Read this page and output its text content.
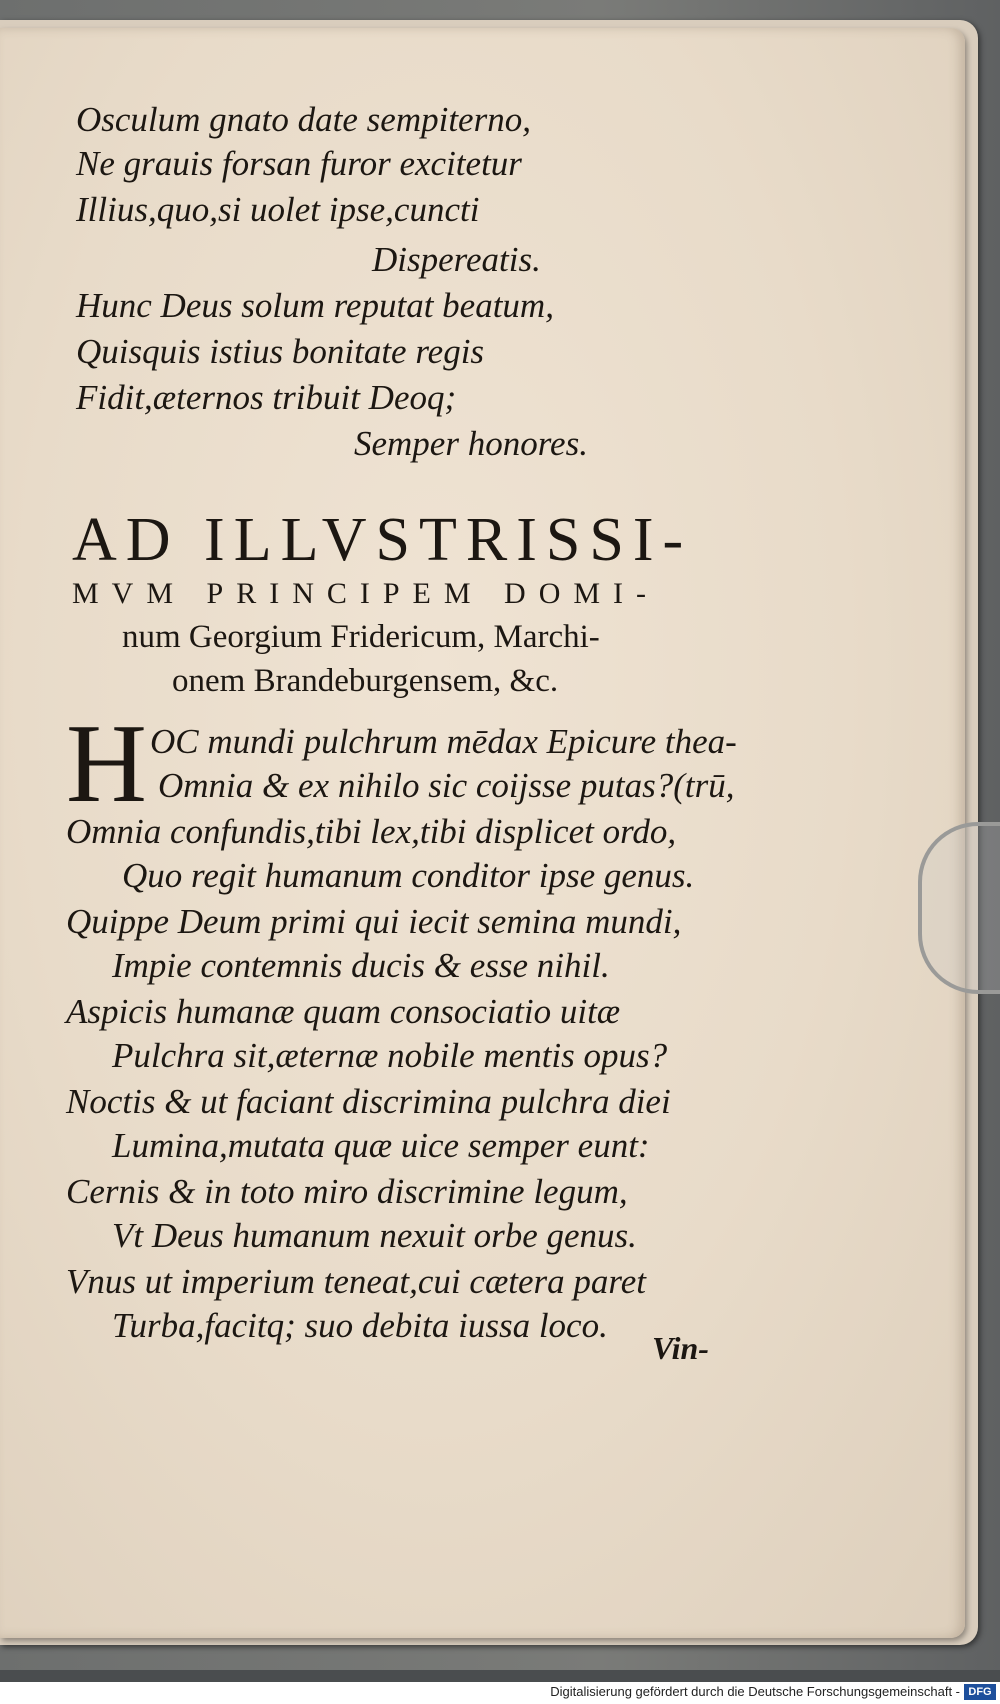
Osculum gnato date sempiterno,
Ne grauis forsan furor excitetur
Illius,quo,si uolet ipse,cuncti
Dispereatis.
Hunc Deus solum reputat beatum,
Quisquis istius bonitate regis
Fidit,æternos tribuit Deoq;
Semper honores.
AD ILLVSTRISSI-
MVM PRINCIPEM DOMI-
num Georgium Fridericum, Marchi-
onem Brandeburgensem, &c.
H OC mundi pulchrum mēdax Epicure thea-
Omnia & ex nihilo sic coijsse putas?(trū,
Omnia confundis,tibi lex,tibi displicet ordo,
Quo regit humanum conditor ipse genus.
Quippe Deum primi qui iecit semina mundi,
Impie contemnis ducis & esse nihil.
Aspicis humanæ quam consociatio uitæ
Pulchra sit,æternæ nobile mentis opus?
Noctis & ut faciant discrimina pulchra diei
Lumina,mutata quæ uice semper eunt:
Cernis & in toto miro discrimine legum,
Vt Deus humanum nexuit orbe genus.
Vnus ut imperium teneat,cui cætera paret
Turba,facitq; suo debita iussa loco.
Vin-
Digitalisierung gefördert durch die Deutsche Forschungsgemeinschaft - DFG
